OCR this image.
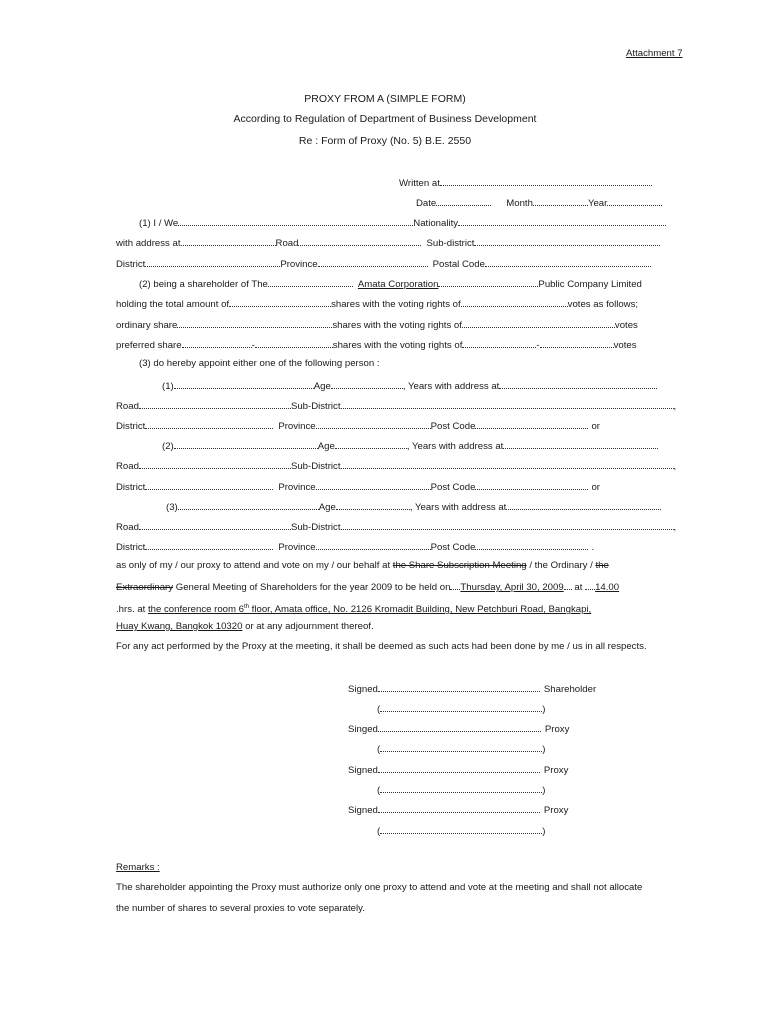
Attachment 7
PROXY FROM A (SIMPLE FORM)
According to Regulation of Department of Business Development
Re : Form of Proxy (No. 5) B.E. 2550
Written at
Date	Month	Year
(1) I / We	Nationality
with address at	Road	Sub-district
District	Province	Postal Code
(2) being a shareholder of The	Amata Corporation	Public Company Limited
holding the total amount of	shares with the voting rights of	votes as follows;
ordinary share	shares with the voting rights of	votes
preferred share	-	shares with the voting rights of	-	votes
(3) do hereby appoint either one of the following person :
(1)	Age	, Years with address at
Road	Sub-District	,
District	Province	Post Code	or
(2)	Age	, Years with address at
Road	Sub-District	,
District	Province	Post Code	or
(3)	Age	, Years with address at
Road	Sub-District	,
District	Province	Post Code	.
as only of my / our proxy to attend and vote on my / our behalf at the Share Subscription Meeting / the Ordinary / the
Extraordinary General Meeting of Shareholders for the year 2009 to be held on Thursday, April 30, 2009 at 14.00
.hrs. at the conference room 6th floor, Amata office, No. 2126 Kromadit Building, New Petchburi Road, Bangkapi,
Huay Kwang, Bangkok 10320 or at any adjournment thereof.
For any act performed by the Proxy at the meeting, it shall be deemed as such acts had been done by me / us in all respects.
Signed	Shareholder
(	)
Singed	Proxy
(	)
Signed	Proxy
(	)
Signed	Proxy
(	)
Remarks :
The shareholder appointing the Proxy must authorize only one proxy to attend and vote at the meeting and shall not allocate
the number of shares to several proxies to vote separately.
